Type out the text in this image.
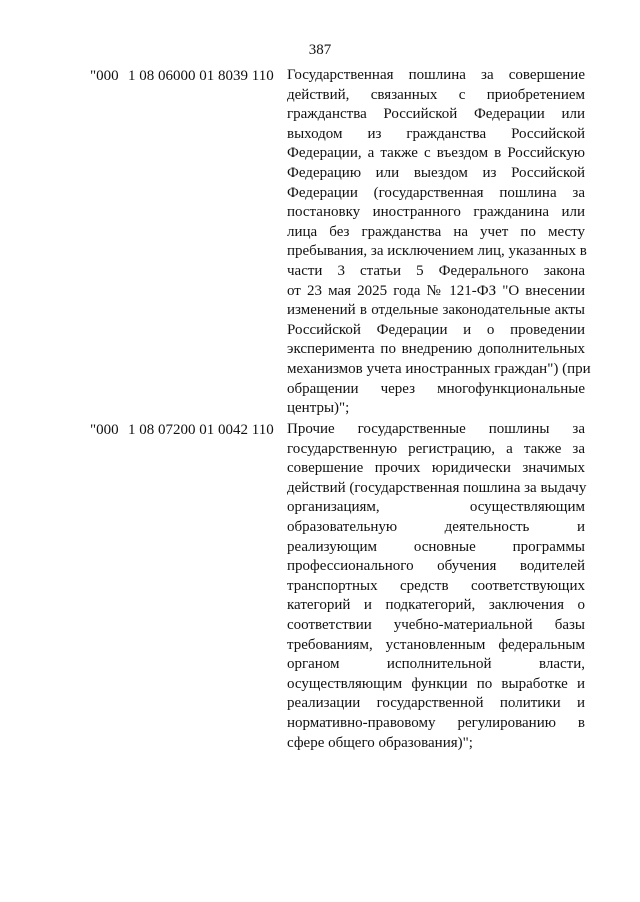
387
"000 1 08 06000 01 8039 110 Государственная пошлина за совершение
действий, связанных с приобретением
гражданства Российской Федерации или
выходом из гражданства Российской
Федерации, а также с въездом в Российскую
Федерацию или выездом из Российской
Федерации (государственная пошлина за
постановку иностранного гражданина или
лица без гражданства на учет по месту
пребывания, за исключением лиц, указанных в
части 3 статьи 5 Федерального закона
от 23 мая 2025 года № 121-ФЗ "О внесении
изменений в отдельные законодательные акты
Российской Федерации и о проведении
эксперимента по внедрению дополнительных
механизмов учета иностранных граждан") (при
обращении через многофункциональные
центры)";
"000 1 08 07200 01 0042 110 Прочие государственные пошлины за
государственную регистрацию, а также за
совершение прочих юридически значимых
действий (государственная пошлина за выдачу
организациям, осуществляющим
образовательную деятельность и
реализующим основные программы
профессионального обучения водителей
транспортных средств соответствующих
категорий и подкатегорий, заключения о
соответствии учебно-материальной базы
требованиям, установленным федеральным
органом исполнительной власти,
осуществляющим функции по выработке и
реализации государственной политики и
нормативно-правовому регулированию в
сфере общего образования)";
